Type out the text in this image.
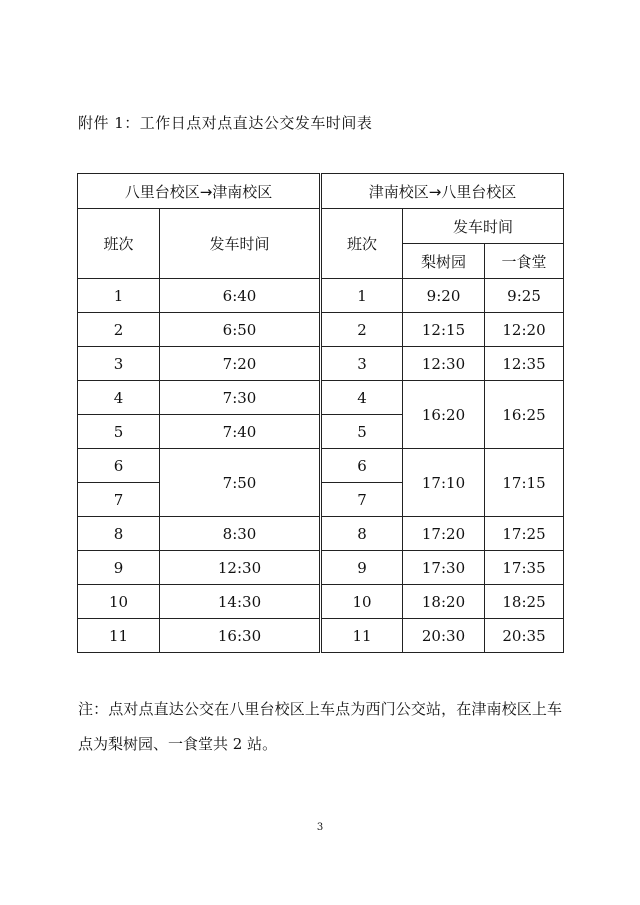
附件 1：工作日点对点直达公交发车时间表
八里台校区→津南校区		津南校区→八里台校区		
班次	发车时间	班次	发车时间	
			梨树园	一食堂
1	6:40	1	9:20	9:25
2	6:50	2	12:15	12:20
3	7:20	3	12:30	12:35
4	7:30	4	16:20	16:25
5	7:40	5		
6	7:50	6	17:10	17:15
7		7		
8	8:30	8	17:20	17:25
9	12:30	9	17:30	17:35
10	14:30	10	18:20	18:25
11	16:30	11	20:30	20:35
注：点对点直达公交在八里台校区上车点为西门公交站，在津南校区上车点为梨树园、一食堂共 2 站。
3
